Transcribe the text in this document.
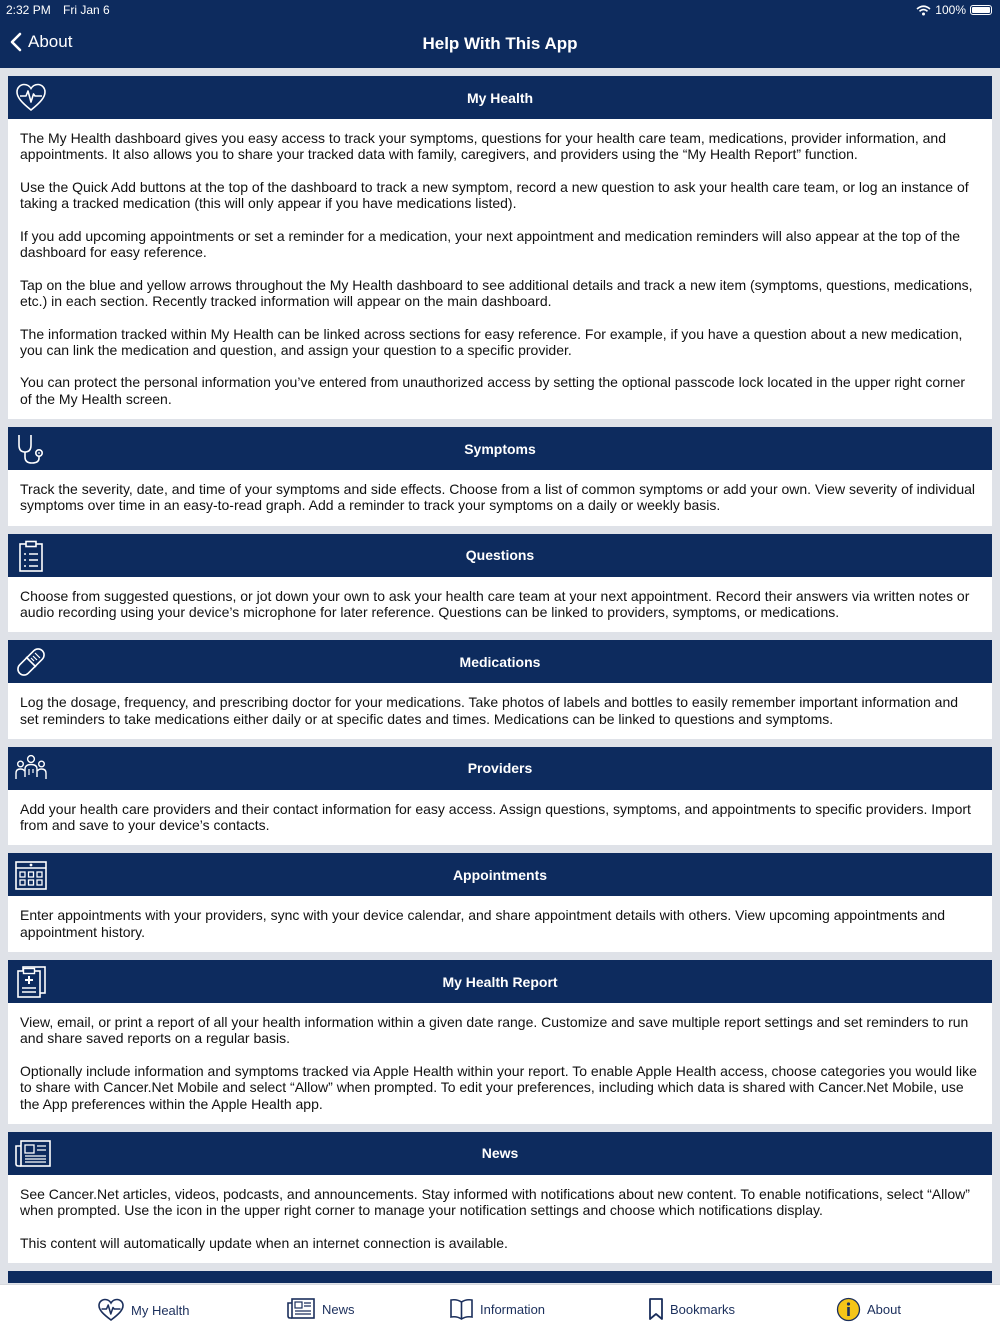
2:32 PM Fri Jan 6	100%
About	Help With This App
My Health

The My Health dashboard gives you easy access to track your symptoms, questions for your health care team, medications, provider information, and appointments. It also allows you to share your tracked data with family, caregivers, and providers using the “My Health Report” function.

Use the Quick Add buttons at the top of the dashboard to track a new symptom, record a new question to ask your health care team, or log an instance of taking a tracked medication (this will only appear if you have medications listed).

If you add upcoming appointments or set a reminder for a medication, your next appointment and medication reminders will also appear at the top of the dashboard for easy reference.

Tap on the blue and yellow arrows throughout the My Health dashboard to see additional details and track a new item (symptoms, questions, medications, etc.) in each section. Recently tracked information will appear on the main dashboard.

The information tracked within My Health can be linked across sections for easy reference. For example, if you have a question about a new medication, you can link the medication and question, and assign your question to a specific provider.

You can protect the personal information you’ve entered from unauthorized access by setting the optional passcode lock located in the upper right corner of the My Health screen.

Symptoms

Track the severity, date, and time of your symptoms and side effects. Choose from a list of common symptoms or add your own. View severity of individual symptoms over time in an easy-to-read graph. Add a reminder to track your symptoms on a daily or weekly basis.

Questions

Choose from suggested questions, or jot down your own to ask your health care team at your next appointment. Record their answers via written notes or audio recording using your device’s microphone for later reference. Questions can be linked to providers, symptoms, or medications.

Medications

Log the dosage, frequency, and prescribing doctor for your medications. Take photos of labels and bottles to easily remember important information and set reminders to take medications either daily or at specific dates and times. Medications can be linked to questions and symptoms.

Providers

Add your health care providers and their contact information for easy access. Assign questions, symptoms, and appointments to specific providers. Import from and save to your device’s contacts.

Appointments

Enter appointments with your providers, sync with your device calendar, and share appointment details with others. View upcoming appointments and appointment history.

My Health Report

View, email, or print a report of all your health information within a given date range. Customize and save multiple report settings and set reminders to run and share saved reports on a regular basis.

Optionally include information and symptoms tracked via Apple Health within your report. To enable Apple Health access, choose categories you would like to share with Cancer.Net Mobile and select “Allow” when prompted. To edit your preferences, including which data is shared with Cancer.Net Mobile, use the App preferences within the Apple Health app.

News

See Cancer.Net articles, videos, podcasts, and announcements. Stay informed with notifications about new content. To enable notifications, select “Allow” when prompted. Use the icon in the upper right corner to manage your notification settings and choose which notifications display.

This content will automatically update when an internet connection is available.

My Health	News	Information	Bookmarks	About
